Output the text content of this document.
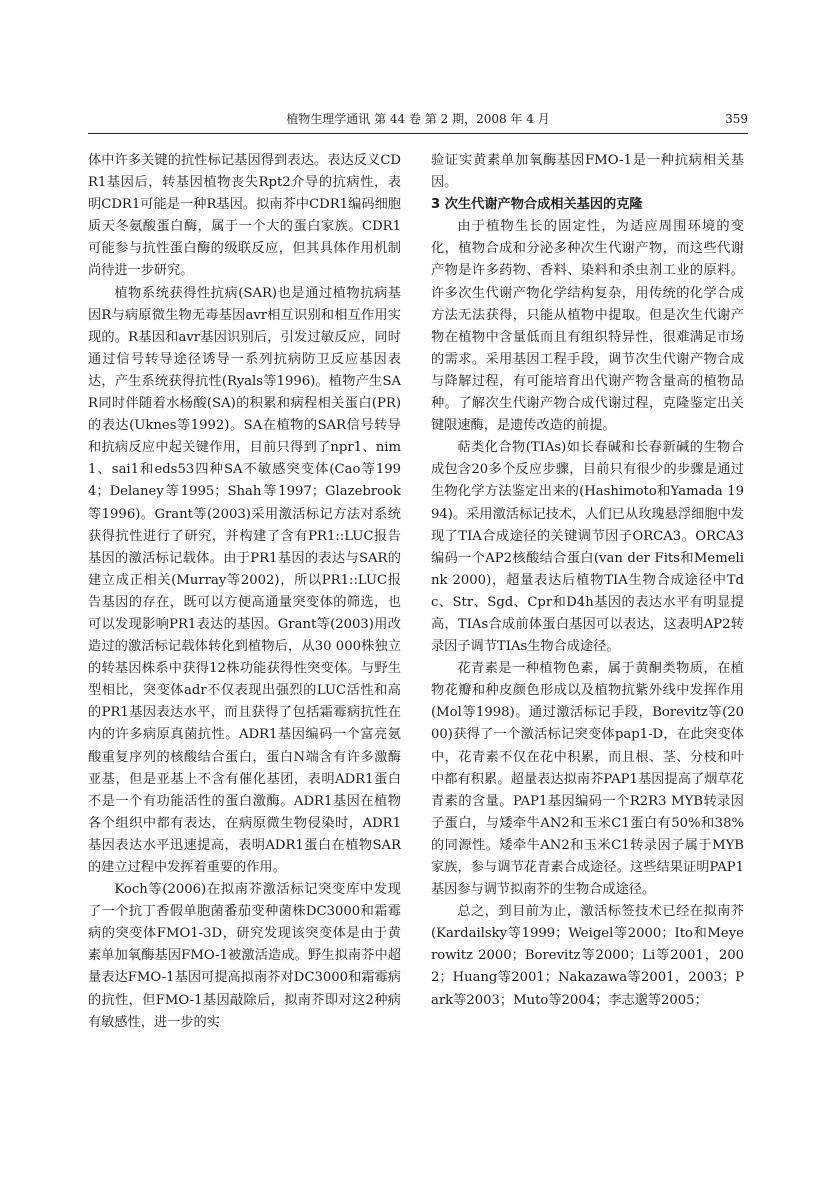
植物生理学通讯 第 44 卷 第 2 期，2008 年 4 月	359

体中许多关键的抗性标记基因得到表达。表达反义CDR1基因后，转基因植物丧失Rpt2介导的抗病性，表明CDR1可能是一种R基因。拟南芥中CDR1编码细胞质天冬氨酸蛋白酶，属于一个大的蛋白家族。CDR1可能参与抗性蛋白酶的级联反应，但其具体作用机制尚待进一步研究。

植物系统获得性抗病(SAR)也是通过植物抗病基因R与病原微生物无毒基因avr相互识别和相互作用实现的。R基因和avr基因识别后，引发过敏反应，同时通过信号转导途径诱导一系列抗病防卫反应基因表达，产生系统获得抗性(Ryals等1996)。植物产生SAR同时伴随着水杨酸(SA)的积累和病程相关蛋白(PR)的表达(Uknes等1992)。SA在植物的SAR信号转导和抗病反应中起关键作用，目前只得到了npr1、nim1、sai1和eds53四种SA不敏感突变体(Cao等1994；Delaney等1995；Shah等1997；Glazebrook等1996)。Grant等(2003)采用激活标记方法对系统获得抗性进行了研究，并构建了含有PR1::LUC报告基因的激活标记载体。由于PR1基因的表达与SAR的建立成正相关(Murray等2002)，所以PR1::LUC报告基因的存在，既可以方便高通量突变体的筛选，也可以发现影响PR1表达的基因。Grant等(2003)用改造过的激活标记载体转化到植物后，从30 000株独立的转基因株系中获得12株功能获得性突变体。与野生型相比，突变体adr不仅表现出强烈的LUC活性和高的PR1基因表达水平，而且获得了包括霜霉病抗性在内的许多病原真菌抗性。ADR1基因编码一个富亮氨酸重复序列的核酸结合蛋白，蛋白N端含有许多激酶亚基，但是亚基上不含有催化基团，表明ADR1蛋白不是一个有功能活性的蛋白激酶。ADR1基因在植物各个组织中都有表达，在病原微生物侵染时，ADR1基因表达水平迅速提高，表明ADR1蛋白在植物SAR的建立过程中发挥着重要的作用。

Koch等(2006)在拟南芥激活标记突变库中发现了一个抗丁香假单胞菌番茄变种菌株DC3000和霜霉病的突变体FMO1-3D，研究发现该突变体是由于黄素单加氧酶基因FMO-1被激活造成。野生拟南芥中超量表达FMO-1基因可提高拟南芥对DC3000和霜霉病的抗性，但FMO-1基因敲除后，拟南芥即对这2种病有敏感性，进一步的实

验证实黄素单加氧酶基因FMO-1是一种抗病相关基因。

3 次生代谢产物合成相关基因的克隆

由于植物生长的固定性，为适应周围环境的变化，植物合成和分泌多种次生代谢产物，而这些代谢产物是许多药物、香料、染料和杀虫剂工业的原料。许多次生代谢产物化学结构复杂，用传统的化学合成方法无法获得，只能从植物中提取。但是次生代谢产物在植物中含量低而且有组织特异性，很难满足市场的需求。采用基因工程手段，调节次生代谢产物合成与降解过程，有可能培育出代谢产物含量高的植物品种。了解次生代谢产物合成代谢过程，克隆鉴定出关键限速酶，是遗传改造的前提。

萜类化合物(TIAs)如长春碱和长春新碱的生物合成包含20多个反应步骤，目前只有很少的步骤是通过生物化学方法鉴定出来的(Hashimoto和Yamada 1994)。采用激活标记技术，人们已从玫瑰悬浮细胞中发现了TIA合成途径的关键调节因子ORCA3。ORCA3编码一个AP2核酸结合蛋白(van der Fits和Memelink 2000)，超量表达后植物TIA生物合成途径中Tdc、Str、Sgd、Cpr和D4h基因的表达水平有明显提高，TIAs合成前体蛋白基因可以表达，这表明AP2转录因子调节TIAs生物合成途径。

花青素是一种植物色素，属于黄酮类物质，在植物花瓣和种皮颜色形成以及植物抗紫外线中发挥作用(Mol等1998)。通过激活标记手段，Borevitz等(2000)获得了一个激活标记突变体pap1-D，在此突变体中，花青素不仅在花中积累，而且根、茎、分枝和叶中都有积累。超量表达拟南芥PAP1基因提高了烟草花青素的含量。PAP1基因编码一个R2R3 MYB转录因子蛋白，与矮牵牛AN2和玉米C1蛋白有50%和38%的同源性。矮牵牛AN2和玉米C1转录因子属于MYB家族，参与调节花青素合成途径。这些结果证明PAP1基因参与调节拟南芥的生物合成途径。

总之，到目前为止，激活标签技术已经在拟南芥(Kardailsky等1999；Weigel等2000；Ito和Meyerowitz 2000；Borevitz等2000；Li等2001，2002；Huang等2001；Nakazawa等2001，2003；Park等2003；Muto等2004；李志邈等2005；
